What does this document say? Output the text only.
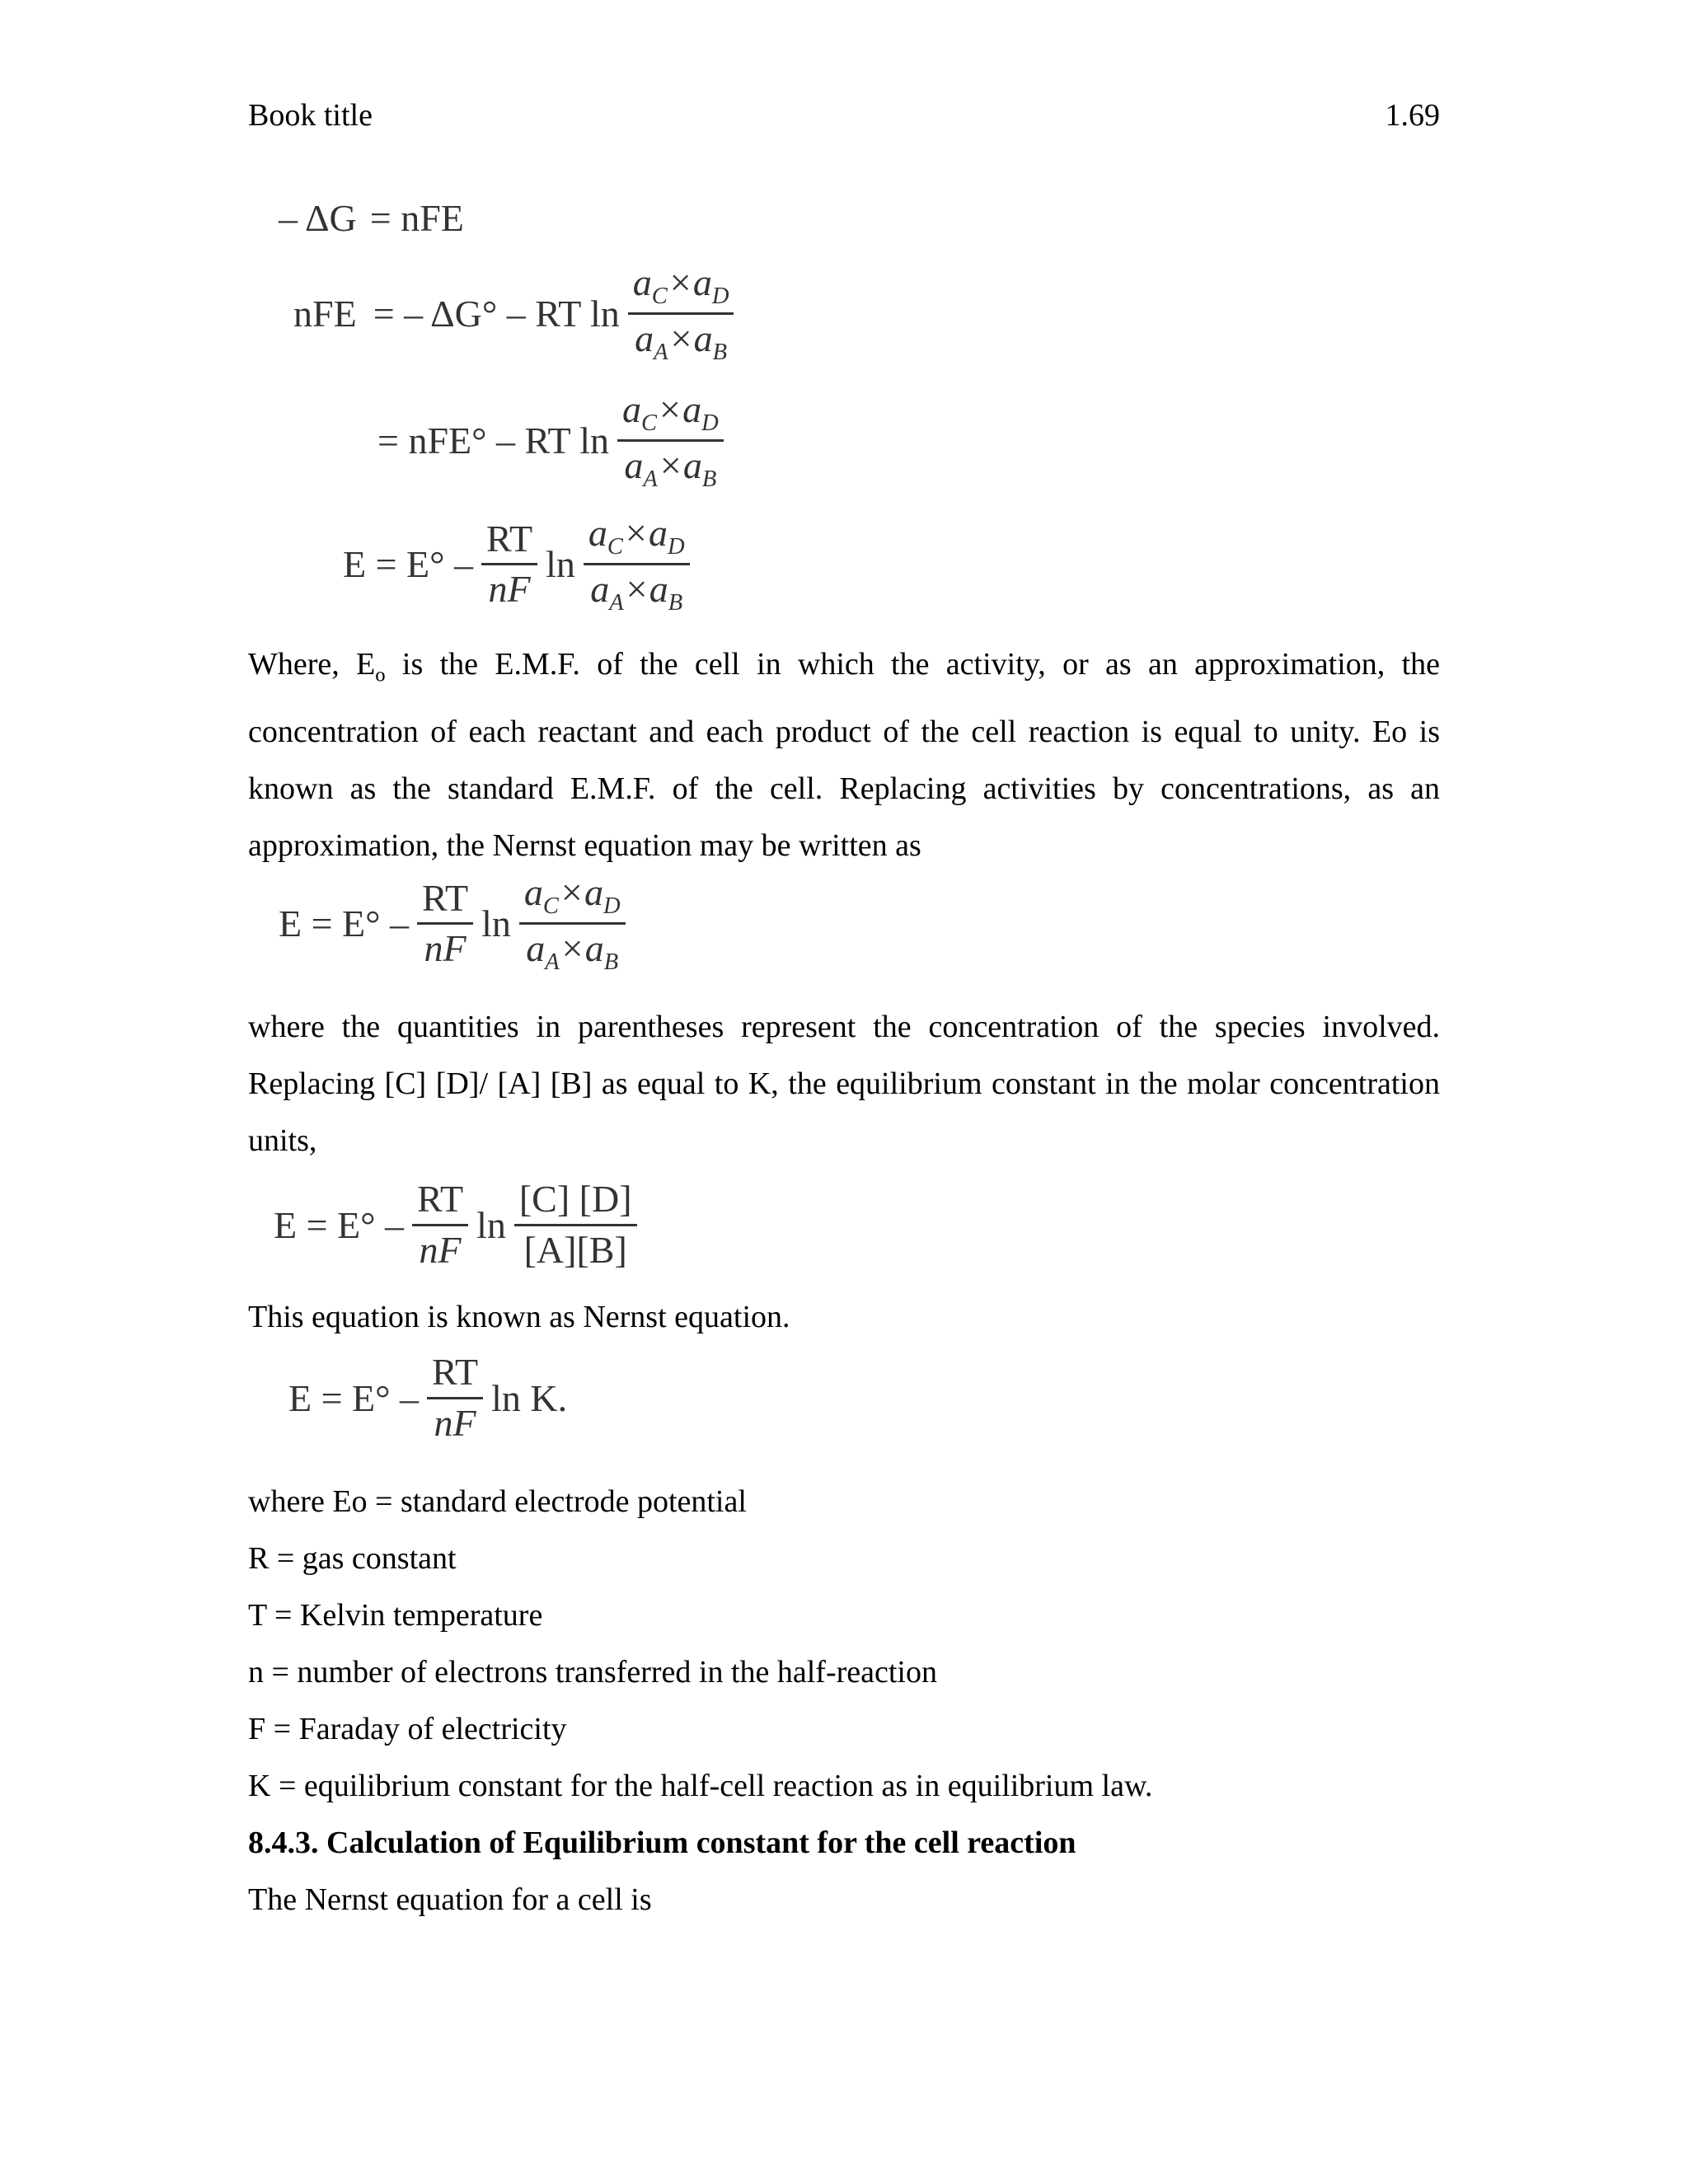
Book title	1.69
– ΔG = nFE
nFE = – ΔG° – RT $\ln \frac{a_C\times a_D}{a_A\times a_B}$
= nFE° – RT $\ln \frac{a_C\times a_D}{a_A\times a_B}$
$E = E^\circ - \frac{RT}{nF}$ $\ln \frac{a_C\times a_D}{a_A\times a_B}$
Where, $E_o$ is the E.M.F. of the cell in which the activity, or as an approximation, the concentration of each reactant and each product of the cell reaction is equal to unity. Eo is known as the standard E.M.F. of the cell. Replacing activities by concentrations, as an approximation, the Nernst equation may be written as
$E = E^\circ - \frac{RT}{nF}$ $\ln \frac{a_C\times a_D}{a_A\times a_B}$
where the quantities in parentheses represent the concentration of the species involved. Replacing [C] [D]/ [A] [B] as equal to K, the equilibrium constant in the molar concentration units,
$E = E^\circ - \frac{RT}{nF}$ $\ln \frac{[C] [D]}{[A][B]}$
This equation is known as Nernst equation.
$E = E^\circ - \frac{RT}{nF}$ ln K.
where Eo = standard electrode potential
R = gas constant
T = Kelvin temperature
n = number of electrons transferred in the half-reaction
F = Faraday of electricity
K = equilibrium constant for the half-cell reaction as in equilibrium law.
8.4.3. Calculation of Equilibrium constant for the cell reaction
The Nernst equation for a cell is
